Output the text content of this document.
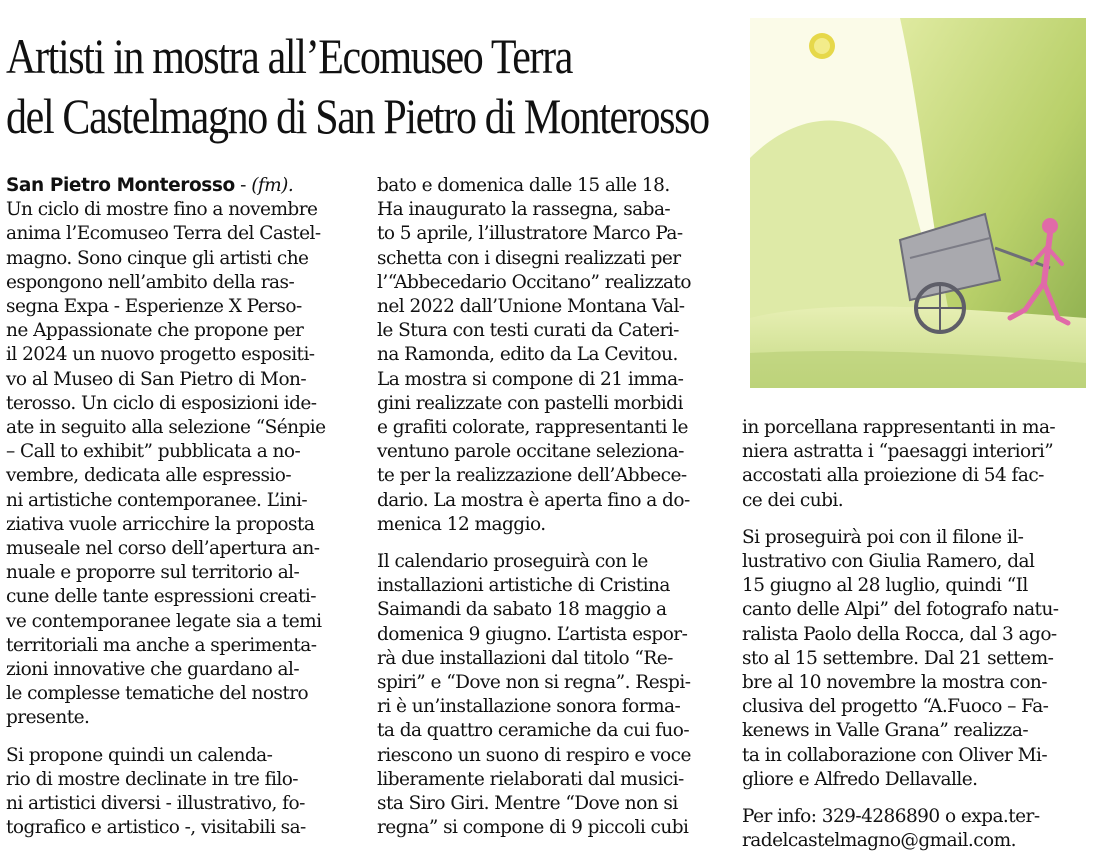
Artisti in mostra all’Ecomuseo Terra
del Castelmagno di San Pietro di Monterosso
San Pietro Monterosso - (fm).
Un ciclo di mostre fino a novembre
anima l’Ecomuseo Terra del Castel-
magno. Sono cinque gli artisti che
espongono nell’ambito della ras-
segna Expa - Esperienze X Perso-
ne Appassionate che propone per
il 2024 un nuovo progetto espositi-
vo al Museo di San Pietro di Mon-
terosso. Un ciclo di esposizioni ide-
ate in seguito alla selezione “Sénpie
– Call to exhibit” pubblicata a no-
vembre, dedicata alle espressio-
ni artistiche contemporanee. L’ini-
ziativa vuole arricchire la proposta
museale nel corso dell’apertura an-
nuale e proporre sul territorio al-
cune delle tante espressioni creati-
ve contemporanee legate sia a temi
territoriali ma anche a sperimenta-
zioni innovative che guardano al-
le complesse tematiche del nostro
presente.
Si propone quindi un calenda-
rio di mostre declinate in tre filo-
ni artistici diversi - illustrativo, fo-
tografico e artistico -, visitabili sa-
bato e domenica dalle 15 alle 18.
Ha inaugurato la rassegna, saba-
to 5 aprile, l’illustratore Marco Pa-
schetta con i disegni realizzati per
l’“Abbecedario Occitano” realizzato
nel 2022 dall’Unione Montana Val-
le Stura con testi curati da Cateri-
na Ramonda, edito da La Cevitou.
La mostra si compone di 21 imma-
gini realizzate con pastelli morbidi
e grafiti colorate, rappresentanti le
ventuno parole occitane seleziona-
te per la realizzazione dell’Abbece-
dario. La mostra è aperta fino a do-
menica 12 maggio.
Il calendario proseguirà con le
installazioni artistiche di Cristina
Saimandi da sabato 18 maggio a
domenica 9 giugno. L’artista espor-
rà due installazioni dal titolo “Re-
spiri” e “Dove non si regna”. Respi-
ri è un’installazione sonora forma-
ta da quattro ceramiche da cui fuo-
riescono un suono di respiro e voce
liberamente rielaborati dal musici-
sta Siro Giri. Mentre “Dove non si
regna” si compone di 9 piccoli cubi
in porcellana rappresentanti in ma-
niera astratta i “paesaggi interiori”
accostati alla proiezione di 54 fac-
ce dei cubi.
Si proseguirà poi con il filone il-
lustrativo con Giulia Ramero, dal
15 giugno al 28 luglio, quindi “Il
canto delle Alpi” del fotografo natu-
ralista Paolo della Rocca, dal 3 ago-
sto al 15 settembre. Dal 21 settem-
bre al 10 novembre la mostra con-
clusiva del progetto “A.Fuoco – Fa-
kenews in Valle Grana” realizza-
ta in collaborazione con Oliver Mi-
gliore e Alfredo Dellavalle.
Per info: 329-4286890 o expa.ter-
radelcastelmagno@gmail.com.
